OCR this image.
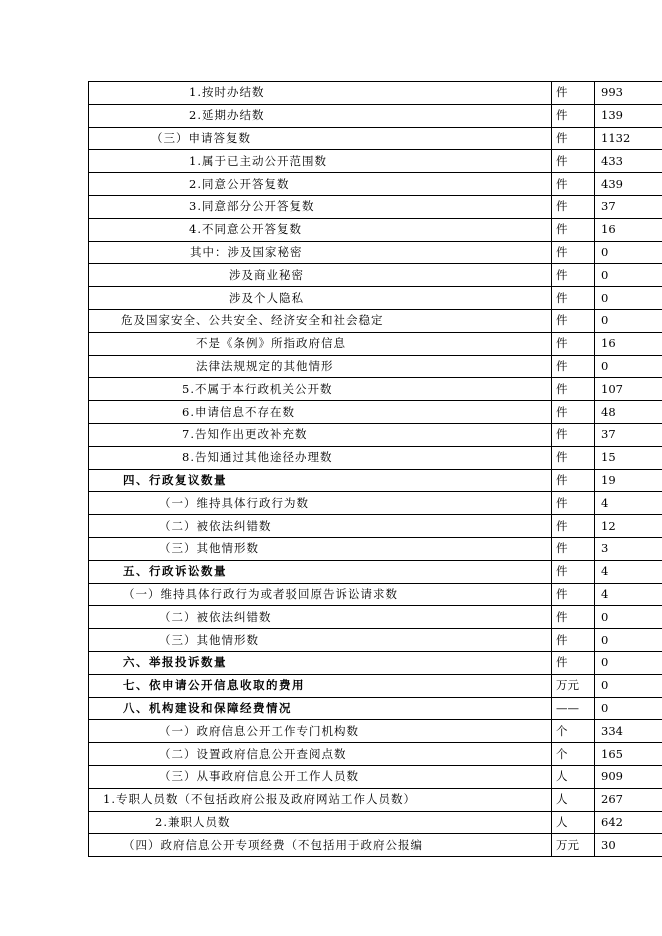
1.按时办结数	件	993
2.延期办结数	件	139
（三）申请答复数	件	1132
1.属于已主动公开范围数	件	433
2.同意公开答复数	件	439
3.同意部分公开答复数	件	37
4.不同意公开答复数	件	16
其中：涉及国家秘密	件	0
涉及商业秘密	件	0
涉及个人隐私	件	0
危及国家安全、公共安全、经济安全和社会稳定	件	0
不是《条例》所指政府信息	件	16
法律法规规定的其他情形	件	0
5.不属于本行政机关公开数	件	107
6.申请信息不存在数	件	48
7.告知作出更改补充数	件	37
8.告知通过其他途径办理数	件	15
四、行政复议数量	件	19
（一）维持具体行政行为数	件	4
（二）被依法纠错数	件	12
（三）其他情形数	件	3
五、行政诉讼数量	件	4
（一）维持具体行政行为或者驳回原告诉讼请求数	件	4
（二）被依法纠错数	件	0
（三）其他情形数	件	0
六、举报投诉数量	件	0
七、依申请公开信息收取的费用	万元	0
八、机构建设和保障经费情况	——	0
（一）政府信息公开工作专门机构数	个	334
（二）设置政府信息公开查阅点数	个	165
（三）从事政府信息公开工作人员数	人	909
1.专职人员数（不包括政府公报及政府网站工作人员数）	人	267
2.兼职人员数	人	642
（四）政府信息公开专项经费（不包括用于政府公报编	万元	30
